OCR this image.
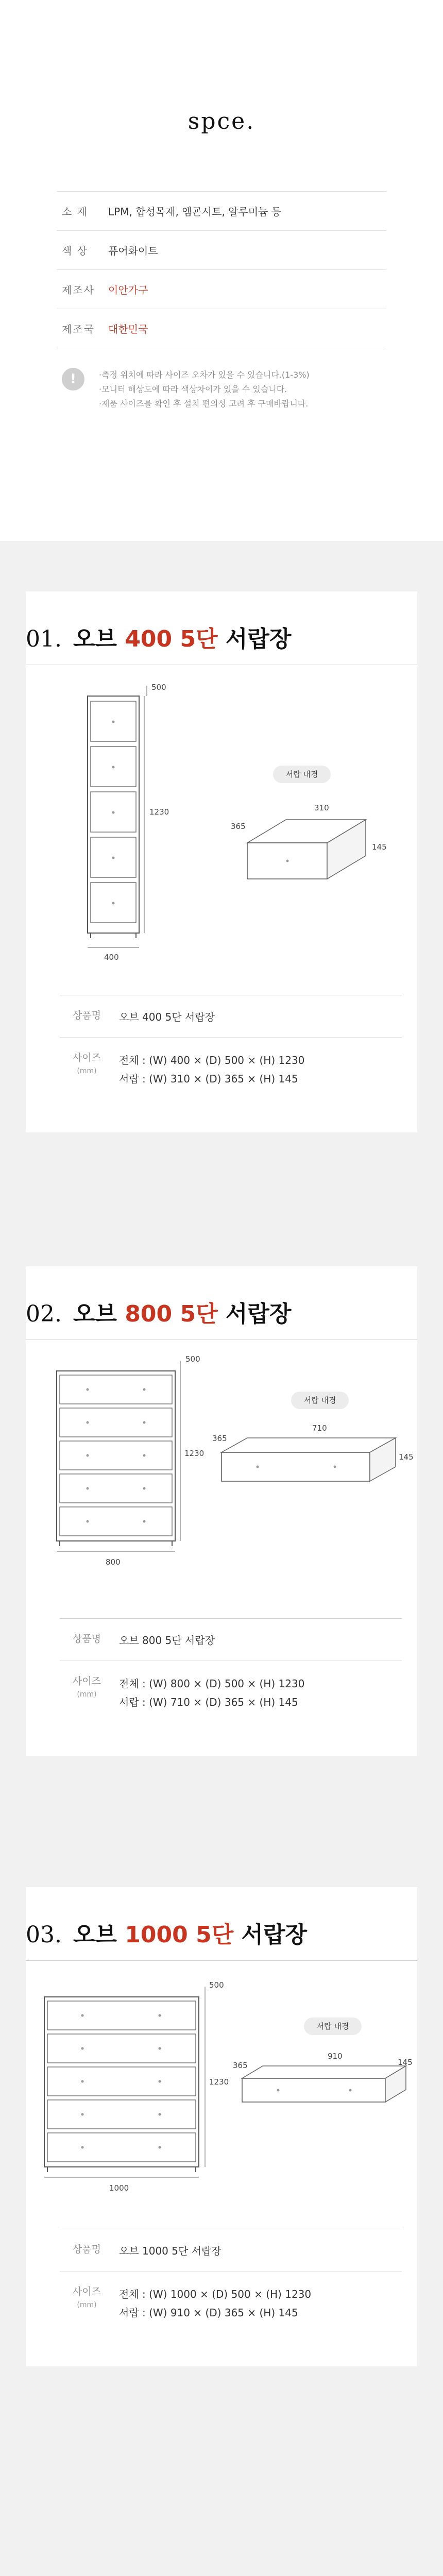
spce.
소 재	LPM, 합성목재, 엠굔시트, 알루미늄 등
색 상	퓨어화이트
제조사	이안가구
제조국	대한민국
!	·측정 위치에 따라 사이즈 오차가 있을 수 있습니다.(1-3%)
·모니터 해상도에 따라 색상차이가 있을 수 있습니다.
·제품 사이즈를 확인 후 설치 편의성 고려 후 구매바랍니다.
01. 오브 400 5단 서랍장
500
1230
400
서랍 내경
310
365
145
상품명	오브 400 5단 서랍장
사이즈
(mm)
전체 : (W) 400 × (D) 500 × (H) 1230
서랍 : (W) 310 × (D) 365 × (H) 145
02. 오브 800 5단 서랍장
500
1230
800
서랍 내경
710
365
145
상품명	오브 800 5단 서랍장
사이즈
(mm)
전체 : (W) 800 × (D) 500 × (H) 1230
서랍 : (W) 710 × (D) 365 × (H) 145
03. 오브 1000 5단 서랍장
500
1230
1000
서랍 내경
910
365	145
상품명	오브 1000 5단 서랍장
사이즈
(mm)
전체 : (W) 1000 × (D) 500 × (H) 1230
서랍 : (W) 910 × (D) 365 × (H) 145
